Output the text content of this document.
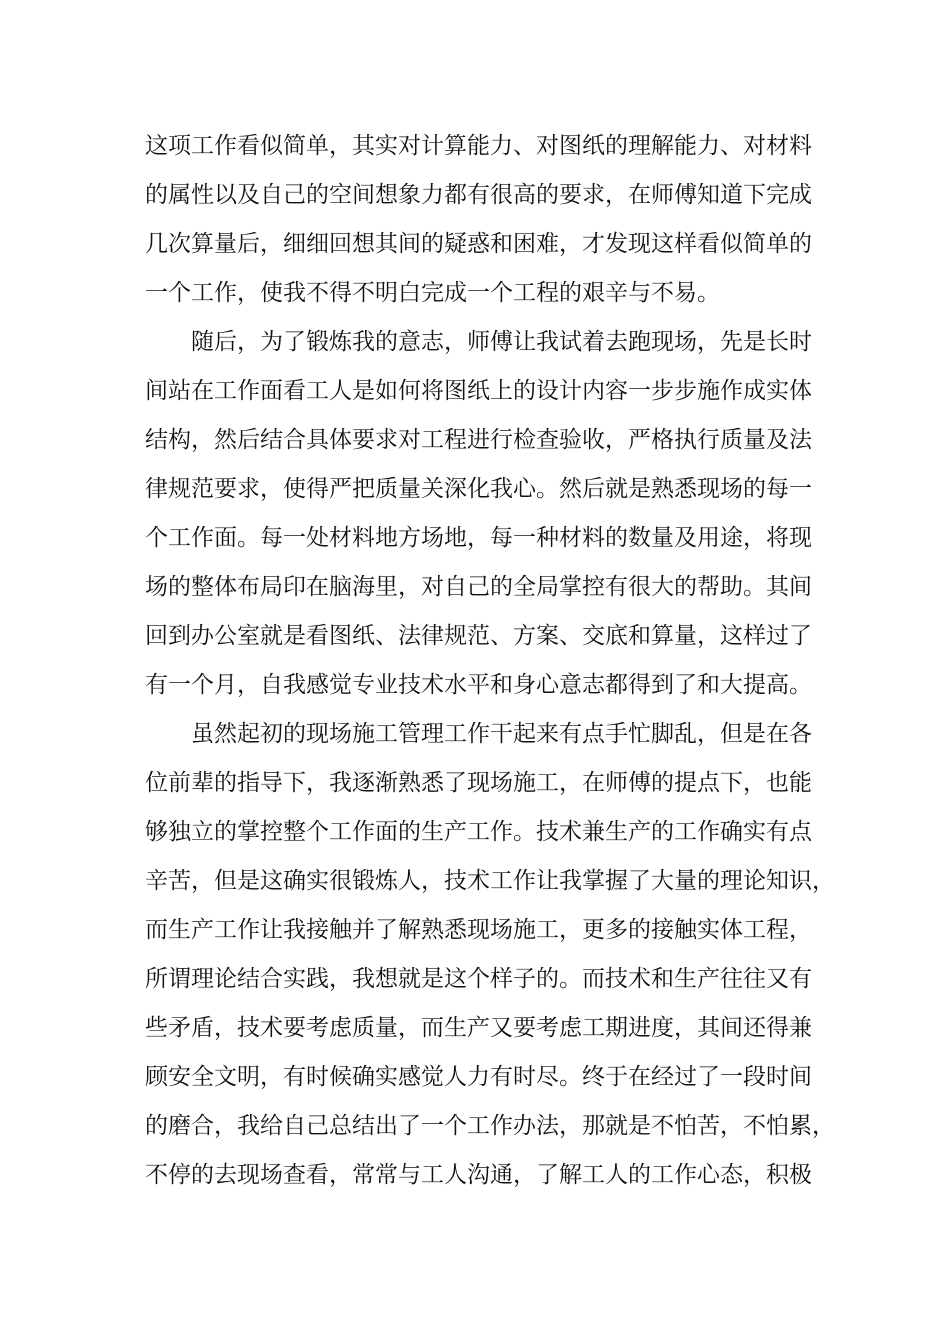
这项工作看似简单，其实对计算能力、对图纸的理解能力、对材料
的属性以及自己的空间想象力都有很高的要求，在师傅知道下完成
几次算量后，细细回想其间的疑惑和困难，才发现这样看似简单的
一个工作，使我不得不明白完成一个工程的艰辛与不易。
随后，为了锻炼我的意志，师傅让我试着去跑现场，先是长时
间站在工作面看工人是如何将图纸上的设计内容一步步施作成实体
结构，然后结合具体要求对工程进行检查验收，严格执行质量及法
律规范要求，使得严把质量关深化我心。然后就是熟悉现场的每一
个工作面。每一处材料地方场地，每一种材料的数量及用途，将现
场的整体布局印在脑海里，对自己的全局掌控有很大的帮助。其间
回到办公室就是看图纸、法律规范、方案、交底和算量，这样过了
有一个月，自我感觉专业技术水平和身心意志都得到了和大提高。
虽然起初的现场施工管理工作干起来有点手忙脚乱，但是在各
位前辈的指导下，我逐渐熟悉了现场施工，在师傅的提点下，也能
够独立的掌控整个工作面的生产工作。技术兼生产的工作确实有点
辛苦，但是这确实很锻炼人，技术工作让我掌握了大量的理论知识，
而生产工作让我接触并了解熟悉现场施工，更多的接触实体工程，
所谓理论结合实践，我想就是这个样子的。而技术和生产往往又有
些矛盾，技术要考虑质量，而生产又要考虑工期进度，其间还得兼
顾安全文明，有时候确实感觉人力有时尽。终于在经过了一段时间
的磨合，我给自己总结出了一个工作办法，那就是不怕苦，不怕累，
不停的去现场查看，常常与工人沟通，了解工人的工作心态，积极
